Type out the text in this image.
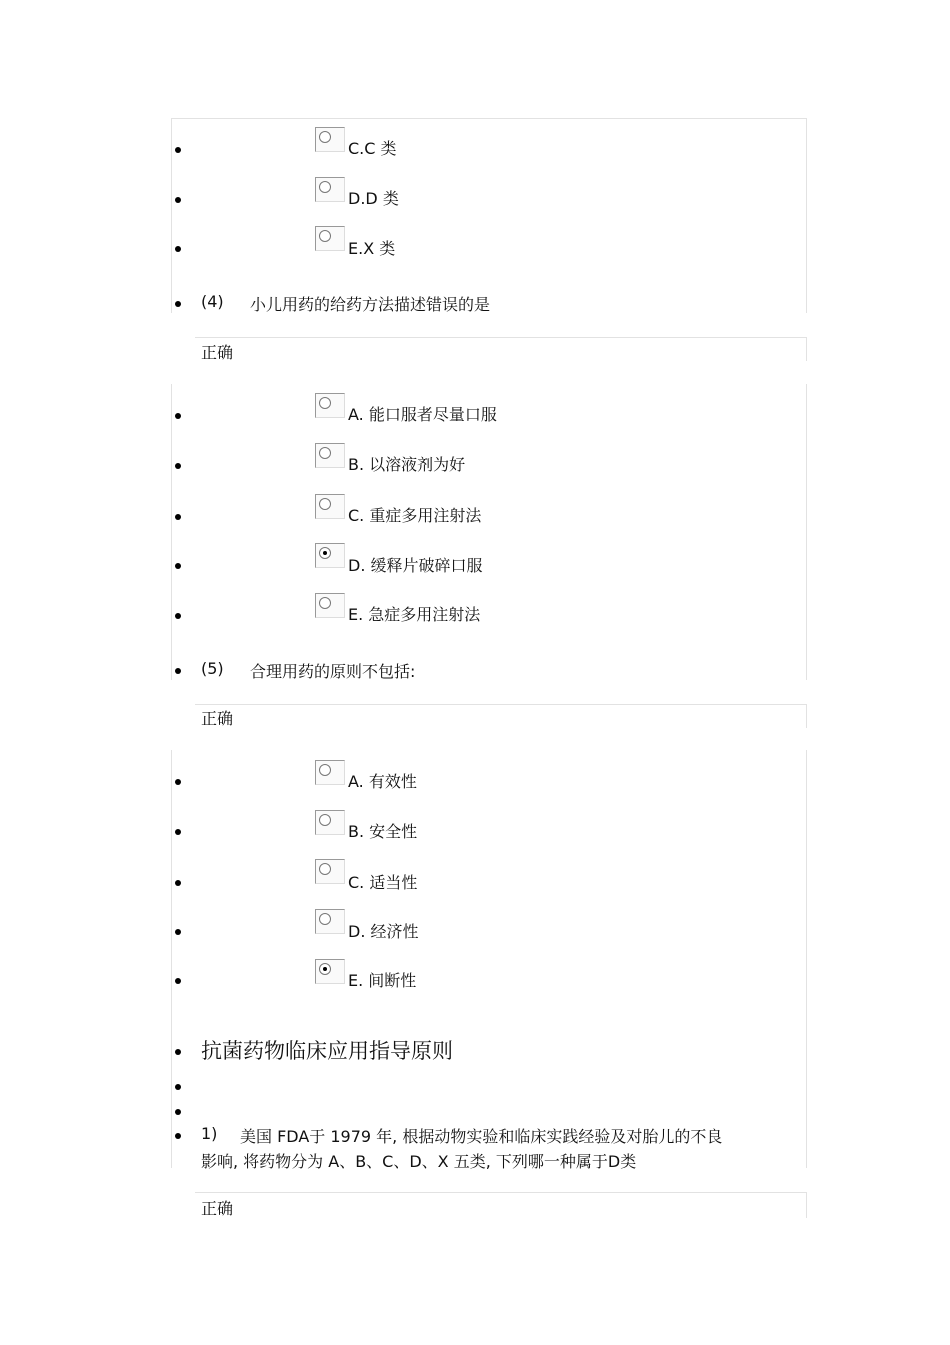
C.C 类
D.D 类
E.X 类
(4) 小儿用药的给药方法描述错误的是
正确
A. 能口服者尽量口服
B. 以溶液剂为好
C. 重症多用注射法
D. 缓释片破碎口服
E. 急症多用注射法
(5) 合理用药的原则不包括:
正确
A. 有效性
B. 安全性
C. 适当性
D. 经济性
E. 间断性
抗菌药物临床应用指导原则
1) 美国 FDA于 1979 年, 根据动物实验和临床实践经验及对胎儿的不良
影响, 将药物分为 A、B、C、D、X 五类, 下列哪一种属于D类
正确
